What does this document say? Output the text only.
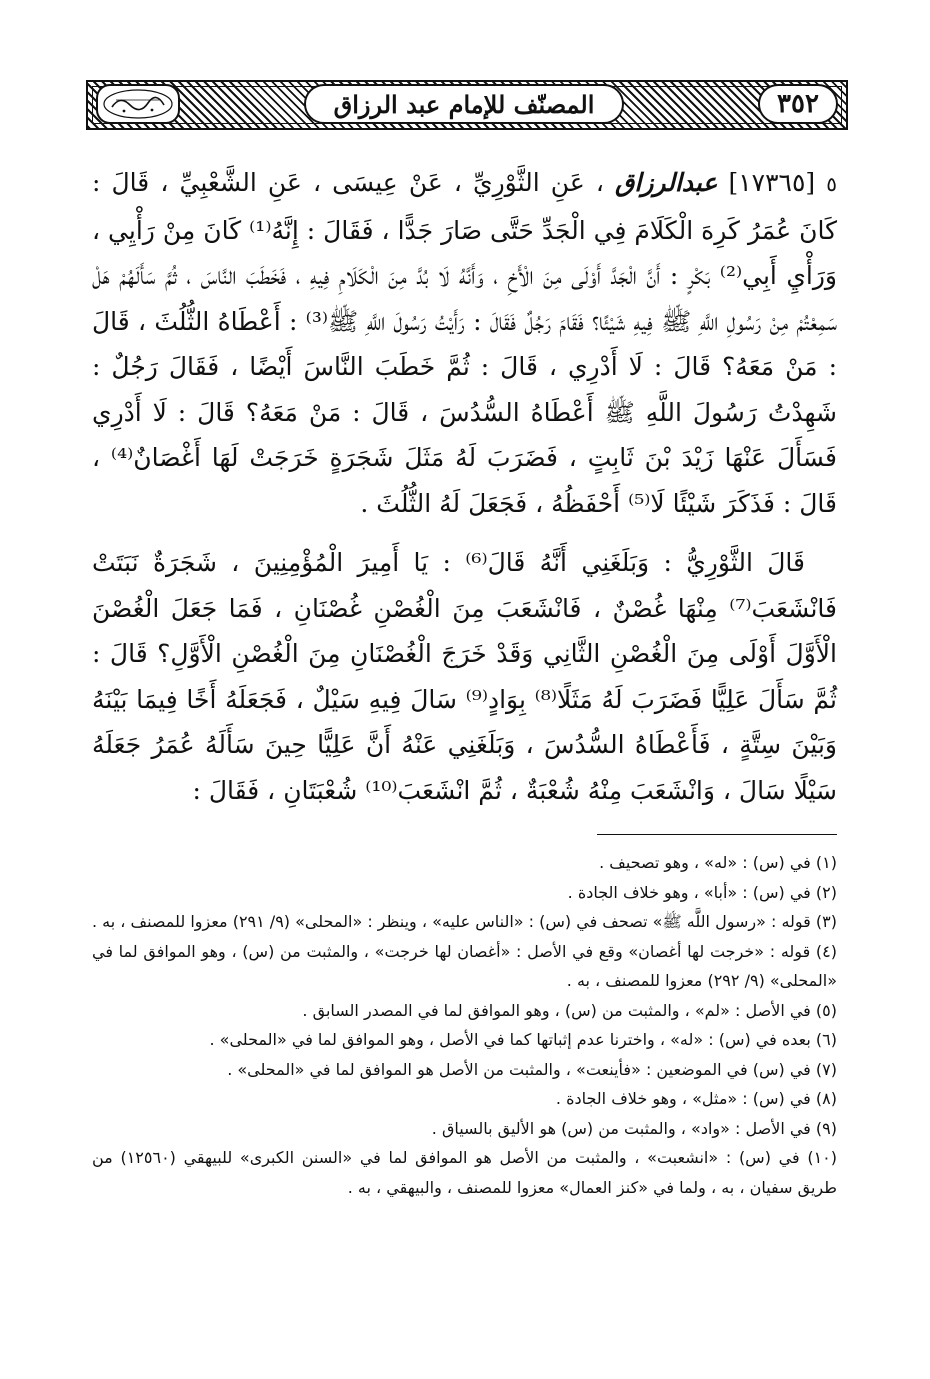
المصنّف للإمام عبد الرزاق	٣٥٢

٥ [١٧٣٦٥] عبدالرزاق ، عَنِ الثَّوْرِيِّ ، عَنْ عِيسَى ، عَنِ الشَّعْبِيِّ ، قَالَ : كَانَ عُمَرُ كَرِهَ الْكَلَامَ فِي الْجَدِّ حَتَّى صَارَ جَدًّا ، فَقَالَ : إِنَّهُ⁽¹⁾ كَانَ مِنْ رَأْيِي ، وَرَأْيِ أَبِي⁽²⁾ بَكْرٍ : أَنَّ الْجَدَّ أَوْلَى مِنَ الْأَخِ ، وَأَنَّهُ لَا بُدَّ مِنَ الْكَلَامِ فِيهِ ، فَخَطَبَ النَّاسَ ، ثُمَّ سَأَلَهُمْ هَلْ سَمِعْتُمْ مِنْ رَسُولِ اللَّهِ ﷺ فِيهِ شَيْئًا؟ فَقَامَ رَجُلٌ فَقَالَ : رَأَيْتُ رَسُولَ اللَّهِ ﷺ⁽³⁾ : أَعْطَاهُ الثُّلُثَ ، قَالَ : مَنْ مَعَهُ؟ قَالَ : لَا أَدْرِي ، قَالَ : ثُمَّ خَطَبَ النَّاسَ أَيْضًا ، فَقَالَ رَجُلٌ : شَهِدْتُ رَسُولَ اللَّهِ ﷺ أَعْطَاهُ السُّدُسَ ، قَالَ : مَنْ مَعَهُ؟ قَالَ : لَا أَدْرِي فَسَأَلَ عَنْهَا زَيْدَ بْنَ ثَابِتٍ ، فَضَرَبَ لَهُ مَثَلَ شَجَرَةٍ خَرَجَتْ لَهَا أَغْصَانٌ⁽⁴⁾ ، قَالَ : فَذَكَرَ شَيْئًا لَا⁽⁵⁾ أَحْفَظُهُ ، فَجَعَلَ لَهُ الثُّلُثَ .

قَالَ الثَّوْرِيُّ : وَبَلَغَنِي أَنَّهُ قَالَ⁽⁶⁾ : يَا أَمِيرَ الْمُؤْمِنِينَ ، شَجَرَةٌ نَبَتَتْ فَانْشَعَبَ⁽⁷⁾ مِنْهَا غُصْنٌ ، فَانْشَعَبَ مِنَ الْغُصْنِ غُصْنَانِ ، فَمَا جَعَلَ الْغُصْنَ الْأَوَّلَ أَوْلَى مِنَ الْغُصْنِ الثَّانِي وَقَدْ خَرَجَ الْغُصْنَانِ مِنَ الْغُصْنِ الْأَوَّلِ؟ قَالَ : ثُمَّ سَأَلَ عَلِيًّا فَضَرَبَ لَهُ مَثَلًا⁽⁸⁾ بِوَادٍ⁽⁹⁾ سَالَ فِيهِ سَيْلٌ ، فَجَعَلَهُ أَخًا فِيمَا بَيْنَهُ وَبَيْنَ سِتَّةٍ ، فَأَعْطَاهُ السُّدُسَ ، وَبَلَغَنِي عَنْهُ أَنَّ عَلِيًّا حِينَ سَأَلَهُ عُمَرُ جَعَلَهُ سَيْلًا سَالَ ، وَانْشَعَبَ مِنْهُ شُعْبَةٌ ، ثُمَّ انْشَعَبَ⁽¹⁰⁾ شُعْبَتَانِ ، فَقَالَ :

(١) في (س) : «له» ، وهو تصحيف .
(٢) في (س) : «أبا» ، وهو خلاف الجادة .
(٣) قوله : «رسول اللَّه ﷺ» تصحف في (س) : «الناس عليه» ، وينظر : «المحلى» (٩/ ٢٩١) معزوا للمصنف ، به .
(٤) قوله : «خرجت لها أغصان» وقع في الأصل : «أغصان لها خرجت» ، والمثبت من (س) ، وهو الموافق لما في «المحلى» (٩/ ٢٩٢) معزوا للمصنف ، به .
(٥) في الأصل : «لم» ، والمثبت من (س) ، وهو الموافق لما في المصدر السابق .
(٦) بعده في (س) : «له» ، واخترنا عدم إثباتها كما في الأصل ، وهو الموافق لما في «المحلى» .
(٧) في (س) في الموضعين : «فأينعت» ، والمثبت من الأصل هو الموافق لما في «المحلى» .
(٨) في (س) : «مثل» ، وهو خلاف الجادة .
(٩) في الأصل : «واد» ، والمثبت من (س) هو الأليق بالسياق .
(١٠) في (س) : «انشعبت» ، والمثبت من الأصل هو الموافق لما في «السنن الكبرى» للبيهقي (١٢٥٦٠) من طريق سفيان ، به ، ولما في «كنز العمال» معزوا للمصنف ، والبيهقي ، به .
